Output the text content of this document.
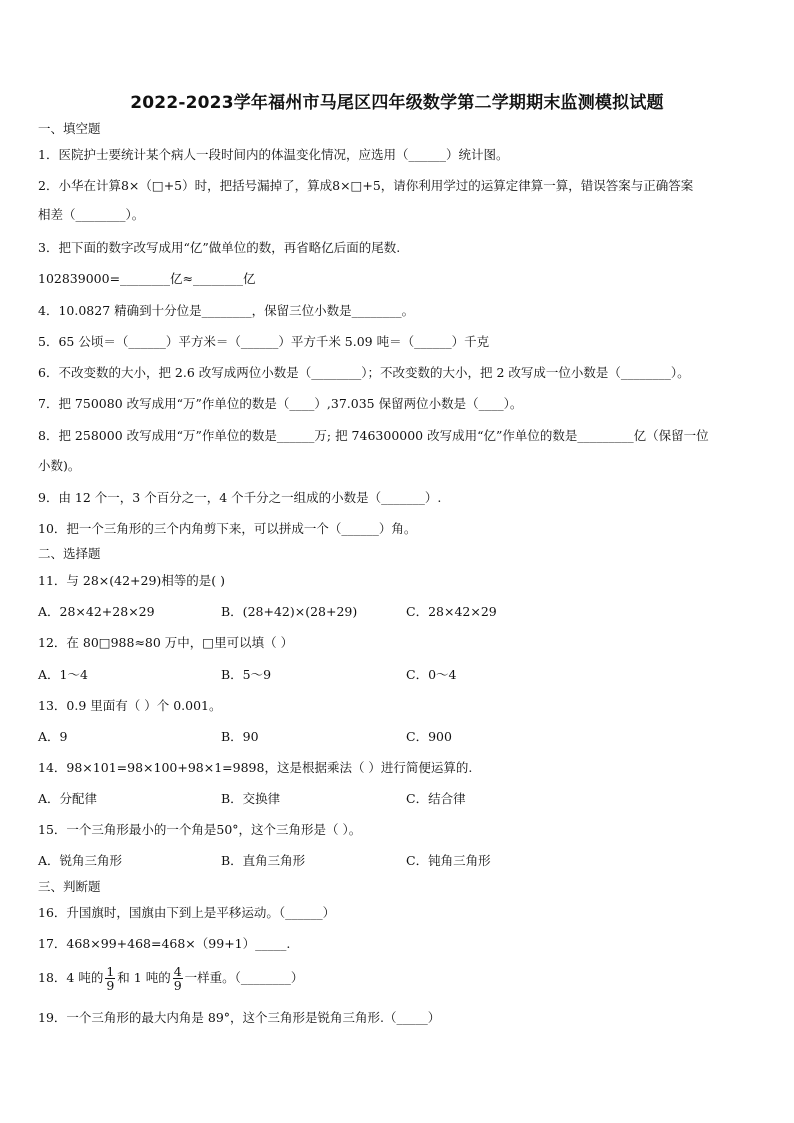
2022-2023学年福州市马尾区四年级数学第二学期期末监测模拟试题
一、填空题
1．医院护士要统计某个病人一段时间内的体温变化情况，应选用（______）统计图。
2．小华在计算8×（□+5）时，把括号漏掉了，算成8×□+5，请你利用学过的运算定律算一算，错误答案与正确答案
相差（________）。
3．把下面的数字改写成用“亿”做单位的数，再省略亿后面的尾数.
102839000=________亿≈________亿
4．10.0827 精确到十分位是________，保留三位小数是________。
5．65 公顷＝（______）平方米＝（______）平方千米 5.09 吨＝（______）千克
6．不改变数的大小，把 2.6 改写成两位小数是（________）；不改变数的大小，把 2 改写成一位小数是（________）。
7．把 750080 改写成用“万”作单位的数是（____）,37.035 保留两位小数是（____）。
8．把 258000 改写成用“万”作单位的数是______万; 把 746300000 改写成用“亿”作单位的数是_________亿（保留一位
小数)。
9．由 12 个一，3 个百分之一，4 个千分之一组成的小数是（_______）.
10．把一个三角形的三个内角剪下来，可以拼成一个（______）角。
二、选择题
11．与 28×(42+29)相等的是( )
A．28×42+28×29	B．(28+42)×(28+29)	C．28×42×29
12．在 80□988≈80 万中，□里可以填（ ）
A．1～4	B．5～9	C．0～4
13．0.9 里面有（ ）个 0.001。
A．9	B．90	C．900
14．98×101=98×100+98×1=9898，这是根据乘法（ ）进行简便运算的.
A．分配律	B．交换律	C．结合律
15．一个三角形最小的一个角是50°，这个三角形是（ ）。
A．锐角三角形	B．直角三角形	C．钝角三角形
三、判断题
16．升国旗时，国旗由下到上是平移运动。（______）
17．468×99+468=468×（99+1）_____.
18．4 吨的 $\frac{1}{9}$ 和 1 吨的 $\frac{4}{9}$ 一样重。（________）
19．一个三角形的最大内角是 89°，这个三角形是锐角三角形.（_____）
